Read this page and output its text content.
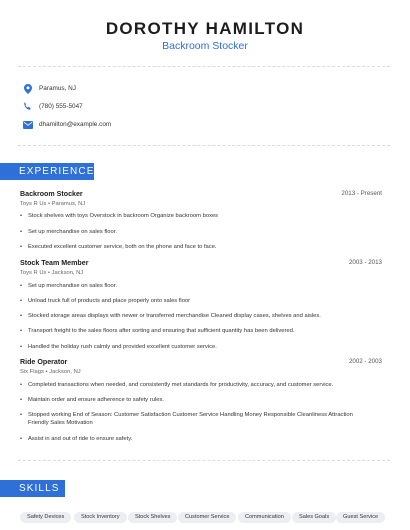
DOROTHY HAMILTON
Backroom Stocker
Paramus, NJ
(780) 555-5047
dhamilton@example.com
EXPERIENCE
Backroom Stocker	2013 - Present
Toys R Us • Paramus, NJ
• Stock shelves with toys Overstock in backroom Organize backroom boxes
• Set up merchandise on sales floor.
• Executed excellent customer service, both on the phone and face to face.
Stock Team Member	2003 - 2013
Toys R Us • Jackson, NJ
• Set up merchandise on sales floor.
• Unload truck full of products and place properly onto sales floor
• Stocked storage areas displays with newer or transferred merchandise Cleaned display cases, shelves and aisles.
• Transport freight to the sales floors after sorting and ensuring that sufficient quantity has been delivered.
• Handled the holiday rush calmly and provided excellent customer service.
Ride Operator	2002 - 2003
Six Flags • Jackson, NJ
• Completed transactions when needed, and consistently met standards for productivity, accuracy, and customer service.
• Maintain order and ensure adherence to safety rules.
• Stopped working End of Season: Customer Satisfaction Customer Service Handling Money Responsible Cleanliness Attraction Friendly Sales Motivation
• Assist in and out of ride to ensure safety.
SKILLS
Safety Devices	Stock Inventory	Stock Shelves	Customer Service	Communication	Sales Goals	Guest Service
